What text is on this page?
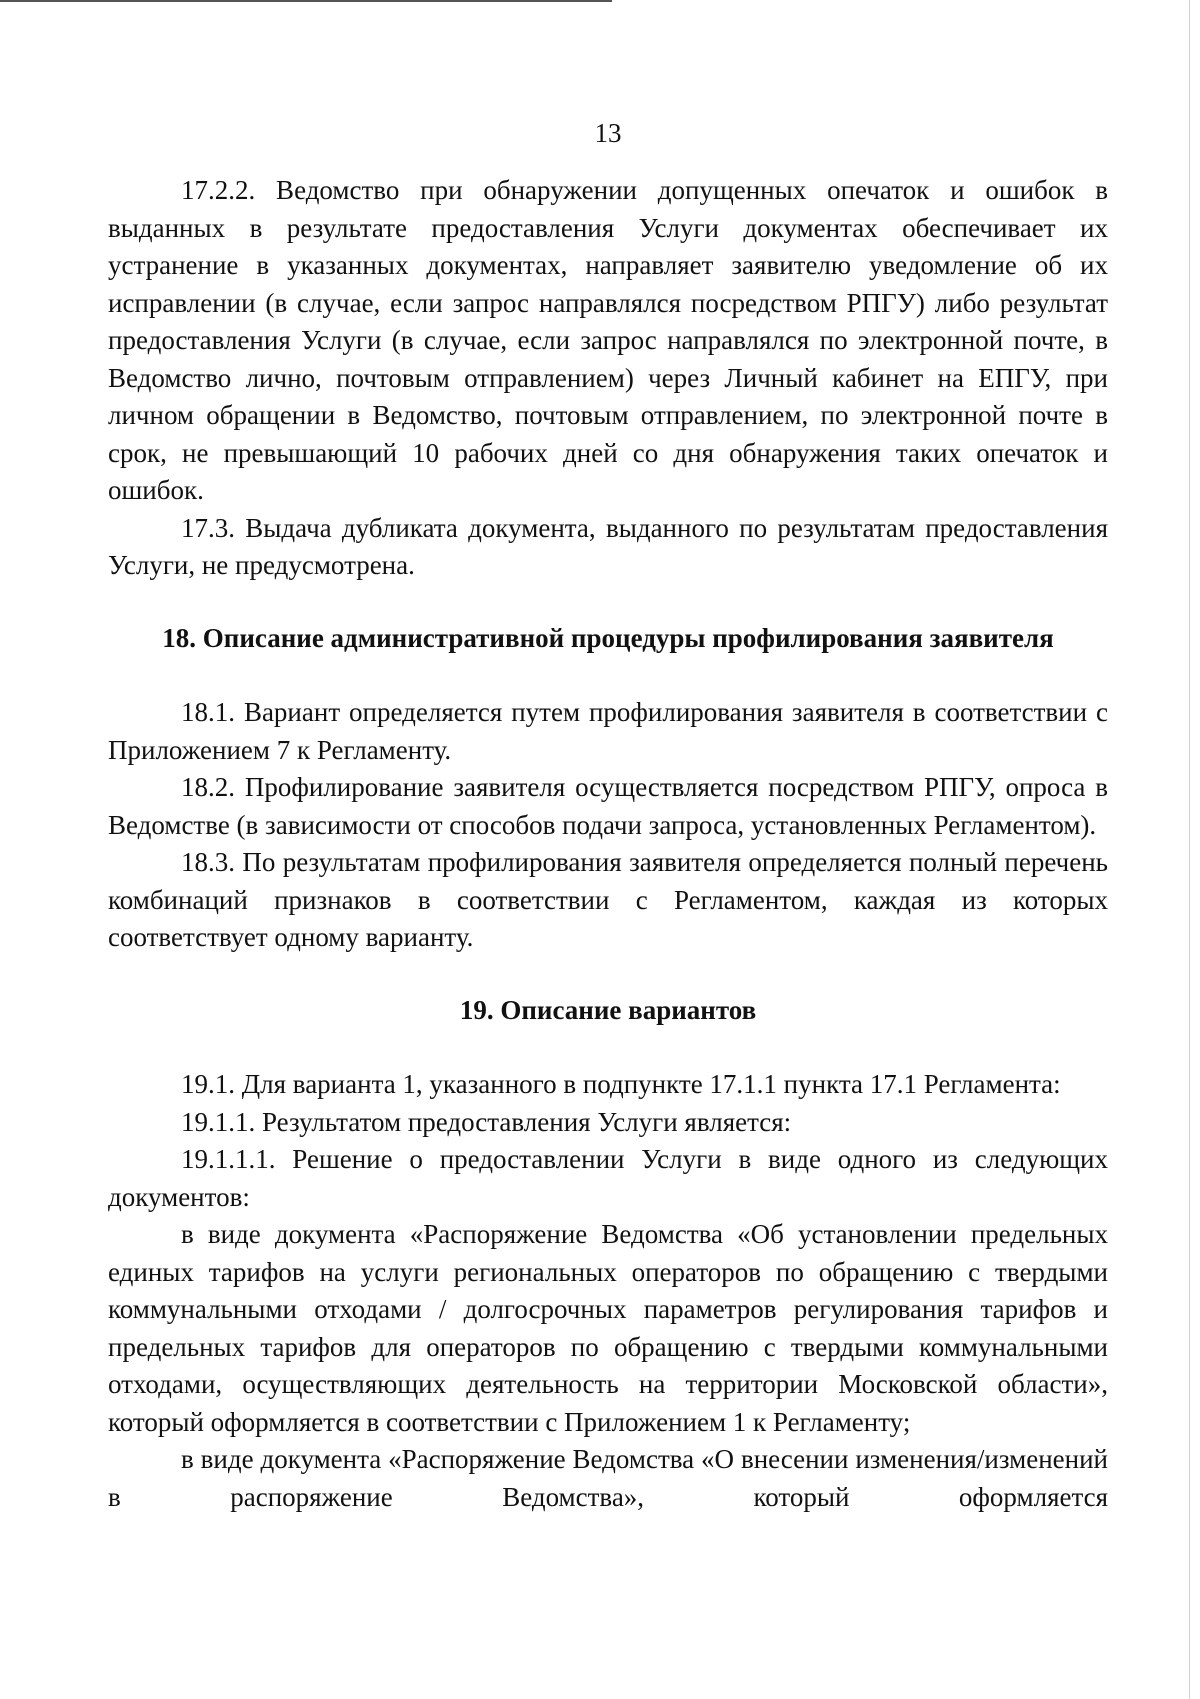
13

17.2.2. Ведомство при обнаружении допущенных опечаток и ошибок в выданных в результате предоставления Услуги документах обеспечивает их устранение в указанных документах, направляет заявителю уведомление об их исправлении (в случае, если запрос направлялся посредством РПГУ) либо результат предоставления Услуги (в случае, если запрос направлялся по электронной почте, в Ведомство лично, почтовым отправлением) через Личный кабинет на ЕПГУ, при личном обращении в Ведомство, почтовым отправлением, по электронной почте в срок, не превышающий 10 рабочих дней со дня обнаружения таких опечаток и ошибок.

17.3. Выдача дубликата документа, выданного по результатам предоставления Услуги, не предусмотрена.

18. Описание административной процедуры профилирования заявителя

18.1. Вариант определяется путем профилирования заявителя в соответствии с Приложением 7 к Регламенту.

18.2. Профилирование заявителя осуществляется посредством РПГУ, опроса в Ведомстве (в зависимости от способов подачи запроса, установленных Регламентом).

18.3. По результатам профилирования заявителя определяется полный перечень комбинаций признаков в соответствии с Регламентом, каждая из которых соответствует одному варианту.

19. Описание вариантов

19.1. Для варианта 1, указанного в подпункте 17.1.1 пункта 17.1 Регламента:

19.1.1. Результатом предоставления Услуги является:

19.1.1.1. Решение о предоставлении Услуги в виде одного из следующих документов:

в виде документа «Распоряжение Ведомства «Об установлении предельных единых тарифов на услуги региональных операторов по обращению с твердыми коммунальными отходами / долгосрочных параметров регулирования тарифов и предельных тарифов для операторов по обращению с твердыми коммунальными отходами, осуществляющих деятельность на территории Московской области», который оформляется в соответствии с Приложением 1 к Регламенту;

в виде документа «Распоряжение Ведомства «О внесении изменения/изменений в распоряжение Ведомства», который оформляется
